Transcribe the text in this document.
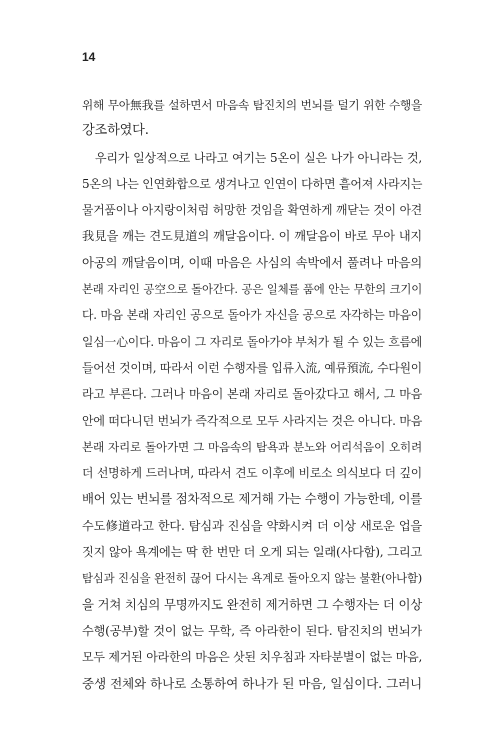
14
위해 무아無我를 설하면서 마음속 탐진치의 번뇌를 덜기 위한 수행을
강조하였다.
우리가 일상적으로 나라고 여기는 5온이 실은 나가 아니라는 것,
5온의 나는 인연화합으로 생겨나고 인연이 다하면 흩어져 사라지는
물거품이나 아지랑이처럼 허망한 것임을 확연하게 깨닫는 것이 아견
我見을 깨는 견도見道의 깨달음이다. 이 깨달음이 바로 무아 내지
아공의 깨달음이며, 이때 마음은 사심의 속박에서 풀려나 마음의
본래 자리인 공空으로 돌아간다. 공은 일체를 품에 안는 무한의 크기이
다. 마음 본래 자리인 공으로 돌아가 자신을 공으로 자각하는 마음이
일심一心이다. 마음이 그 자리로 돌아가야 부처가 될 수 있는 흐름에
들어선 것이며, 따라서 이런 수행자를 입류入流, 예류預流, 수다원이
라고 부른다. 그러나 마음이 본래 자리로 돌아갔다고 해서, 그 마음
안에 떠다니던 번뇌가 즉각적으로 모두 사라지는 것은 아니다. 마음
본래 자리로 돌아가면 그 마음속의 탐욕과 분노와 어리석음이 오히려
더 선명하게 드러나며, 따라서 견도 이후에 비로소 의식보다 더 깊이
배어 있는 번뇌를 점차적으로 제거해 가는 수행이 가능한데, 이를
수도修道라고 한다. 탐심과 진심을 약화시켜 더 이상 새로운 업을
짓지 않아 욕계에는 딱 한 번만 더 오게 되는 일래(사다함), 그리고
탐심과 진심을 완전히 끊어 다시는 욕계로 돌아오지 않는 불환(아나함)
을 거쳐 치심의 무명까지도 완전히 제거하면 그 수행자는 더 이상
수행(공부)할 것이 없는 무학, 즉 아라한이 된다. 탐진치의 번뇌가
모두 제거된 아라한의 마음은 삿된 치우침과 자타분별이 없는 마음,
중생 전체와 하나로 소통하여 하나가 된 마음, 일심이다. 그러니
